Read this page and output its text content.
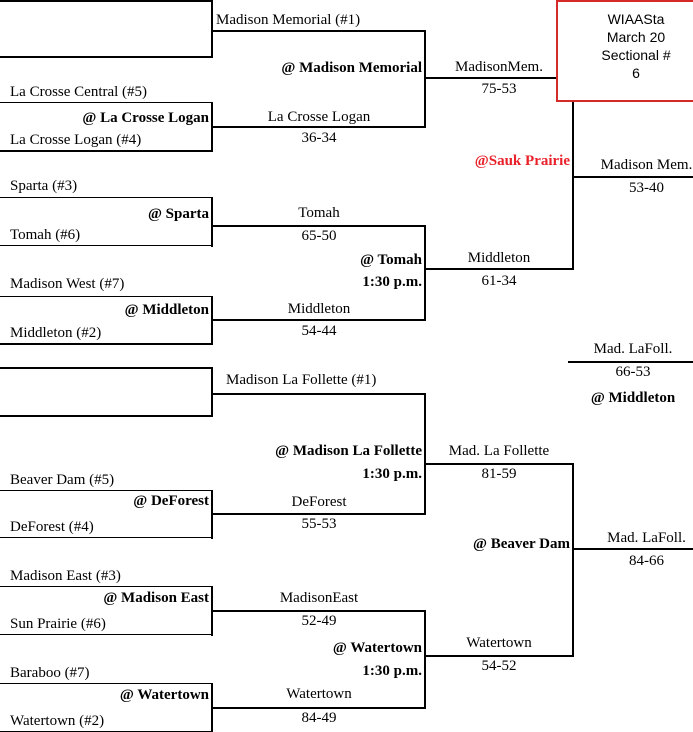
WIAASta
March 20
Sectional #
6
Madison Memorial (#1)
La Crosse Central (#5)
La Crosse Logan (#4)
Sparta (#3)
Tomah (#6)
Madison West (#7)
Middleton (#2)
@ La Crosse Logan
@ Sparta
@ Middleton
La Crosse Logan
36-34
Tomah
65-50
Middleton
54-44
@ Madison Memorial
@ Tomah
1:30 p.m.
MadisonMem.
75-53
Middleton
61-34
@Sauk Prairie	Madison Mem.
53-40
Mad. LaFoll.
66-53
@ Middleton
Madison La Follette (#1)
Beaver Dam (#5)
DeForest (#4)
Madison East (#3)
Sun Prairie (#6)
Baraboo (#7)
Watertown (#2)
@ DeForest
@ Madison East
@ Watertown
DeForest
55-53
MadisonEast
52-49
Watertown
84-49
@ Madison La Follette
1:30 p.m.
@ Watertown
1:30 p.m.
Mad. La Follette
81-59
Watertown
54-52
@ Beaver Dam	Mad. LaFoll.
84-66
